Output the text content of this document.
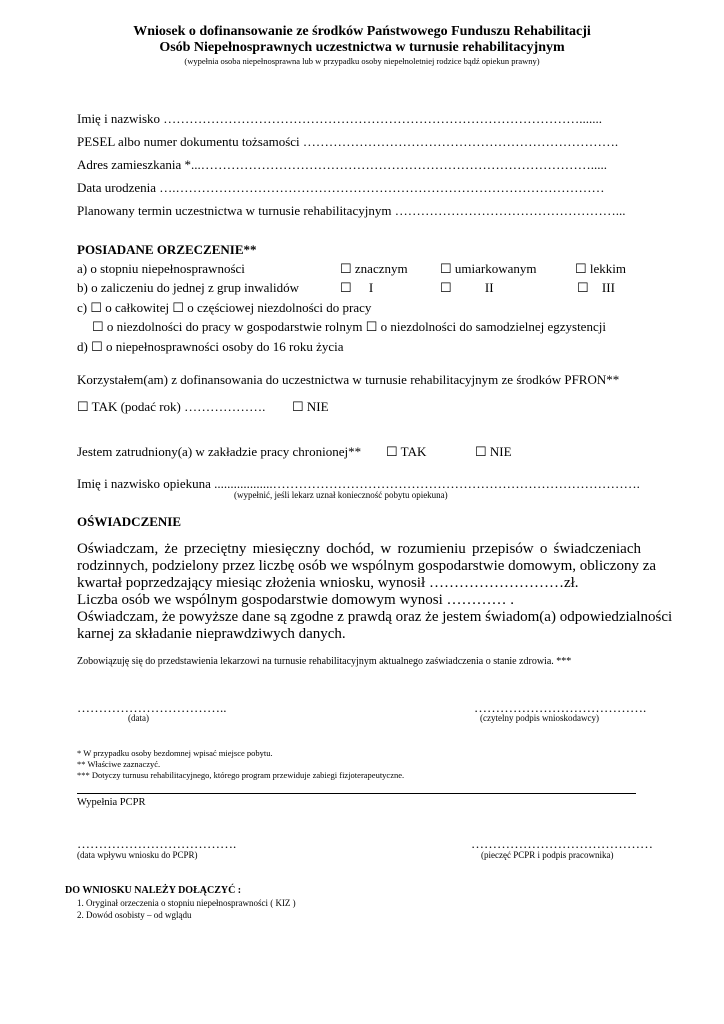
Wniosek o dofinansowanie ze środków Państwowego Funduszu Rehabilitacji
Osób Niepełnosprawnych uczestnictwa w turnusie rehabilitacyjnym
(wypełnia osoba niepełnosprawna lub w przypadku osoby niepełnoletniej rodzice bądź opiekun prawny)
Imię i nazwisko …………………………………………………………………………………….......
PESEL albo numer dokumentu tożsamości ……………………………………………………………….
Adres zamieszkania *...……………………………………………………………………………….....
Data urodzenia ….………………………………………………………………………………………
Planowany termin uczestnictwa w turnusie rehabilitacyjnym ……………………………………………...
POSIADANE ORZECZENIE**
a) o stopniu niepełnosprawności	☐ znacznym ☐ umiarkowanym	☐ lekkim
b) o zaliczeniu do jednej z grup inwalidów	☐ I	☐ II	☐ III
c) ☐ o całkowitej ☐ o częściowej niezdolności do pracy
☐ o niezdolności do pracy w gospodarstwie rolnym ☐ o niezdolności do samodzielnej egzystencji
d) ☐ o niepełnosprawności osoby do 16 roku życia
Korzystałem(am) z dofinansowania do uczestnictwa w turnusie rehabilitacyjnym ze środków PFRON**
☐ TAK (podać rok) ………………. ☐ NIE
Jestem zatrudniony(a) w zakładzie pracy chronionej** ☐ TAK	☐ NIE
Imię i nazwisko opiekuna ..................………………………………………………………………………….
(wypełnić, jeśli lekarz uznał konieczność pobytu opiekuna)
OŚWIADCZENIE
Oświadczam, że przeciętny miesięczny dochód, w rozumieniu przepisów o świadczeniach
rodzinnych, podzielony przez liczbę osób we wspólnym gospodarstwie domowym, obliczony za
kwartał poprzedzający miesiąc złożenia wniosku, wynosił ………………………zł.
Liczba osób we wspólnym gospodarstwie domowym wynosi ………… .
Oświadczam, że powyższe dane są zgodne z prawdą oraz że jestem świadom(a) odpowiedzialności
karnej za składanie nieprawdziwych danych.
Zobowiązuję się do przedstawienia lekarzowi na turnusie rehabilitacyjnym aktualnego zaświadczenia o stanie zdrowia. ***
……………………………..	………………………………….
(data)	(czytelny podpis wnioskodawcy)
* W przypadku osoby bezdomnej wpisać miejsce pobytu.
** Właściwe zaznaczyć.
*** Dotyczy turnusu rehabilitacyjnego, którego program przewiduje zabiegi fizjoterapeutyczne.
Wypełnia PCPR
……………………………….	……………………………………
(data wpływu wniosku do PCPR)	(pieczęć PCPR i podpis pracownika)
DO WNIOSKU NALEŻY DOŁĄCZYĆ :
1. Oryginał orzeczenia o stopniu niepełnosprawności ( KIZ )
2. Dowód osobisty – od wglądu
